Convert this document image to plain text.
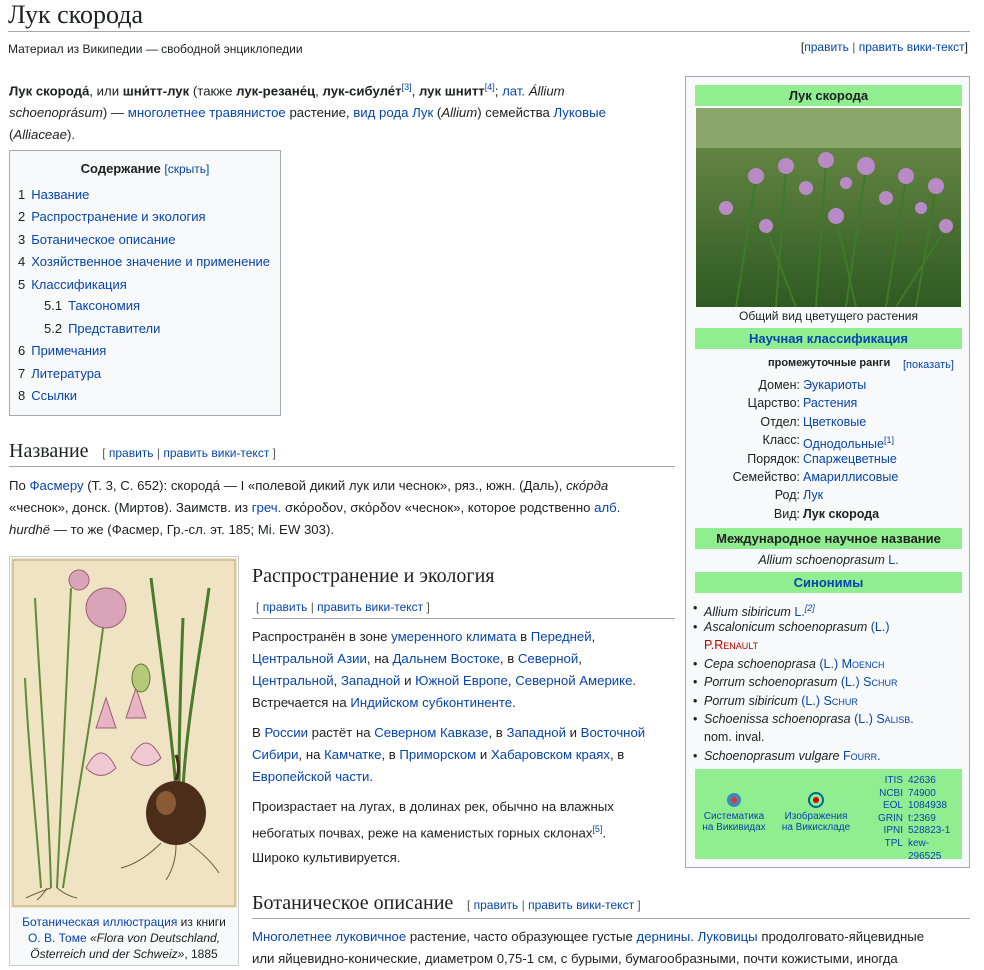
Лук скорода
Материал из Википедии — свободной энциклопедии	[править | править вики-текст]
Лук скорода́, или шни́тт-лук (также лук-резане́ц, лук-сибуле́т[3], лук шнитт[4]; лат. Állium
schoenoprásum) — многолетнее травянистое растение, вид рода Лук (Allium) семейства Луковые
(Alliaceae).
Содержание [скрыть]
1 Название
2 Распространение и экология
3 Ботаническое описание
4 Хозяйственное значение и применение
5 Классификация
5.1 Таксономия
5.2 Представители
6 Примечания
7 Литература
8 Ссылки
Название [ править | править вики-текст ]
По Фасмеру (Т. 3, С. 652): скорода́ — I «полевой дикий лук или чеснок», ряз., южн. (Даль), ско́рда
«чеснок», донск. (Миртов). Заимств. из греч. σκόρoδον, σκόρδον «чеснок», которое родственно алб.
hurdhë — то же (Фасмер, Гр.-сл. эт. 185; Mi. EW 303).
Ботаническая иллюстрация из книги
О. В. Томе «Flora von Deutschland,
Österreich und der Schweiz», 1885
Распространение и экология
[ править | править вики-текст ]
Распространён в зоне умеренного климата в Передней,
Центральной Азии, на Дальнем Востоке, в Северной,
Центральной, Западной и Южной Европе, Северной Америке.
Встречается на Индийском субконтиненте.
В России растёт на Северном Кавказе, в Западной и Восточной
Сибири, на Камчатке, в Приморском и Хабаровском краях, в
Европейской части.
Произрастает на лугах, в долинах рек, обычно на влажных
небогатых почвах, реже на каменистых горных склонах[5].
Широко культивируется.
Ботаническое описание [ править | править вики-текст ]
Многолетнее луковичное растение, часто образующее густые дернины. Луковицы продолговато-яйцевидные
или яйцевидно-конические, диаметром 0,75-1 см, с бурыми, бумагообразными, почти кожистыми, иногда
Лук скорода
Общий вид цветущего растения
Научная классификация
промежуточные ранги [показать]
Домен: Эукариоты
Царство: Растения
Отдел: Цветковые
Класс: Однодольные[1]
Порядок: Спаржецветные
Семейство: Амариллисовые
Род: Лук
Вид: Лук скорода
Международное научное название
Allium schoenoprasum L.
Синонимы
• Allium sibiricum L.[2]
• Ascalonicum schoenoprasum (L.)
P.Renault
• Cepa schoenoprasa (L.) Moench
• Porrum schoenoprasum (L.) Schur
• Porrum sibiricum (L.) Schur
• Schoenissa schoenoprasa (L.) Salisb.
nom. inval.
• Schoenoprasum vulgare Fourr.
Систематика
на Викивидах
Изображения
на Викискладе
ITIS
NCBI
EOL
GRIN
IPNI
TPL
42636
74900
1084938
t:2369
528823-1
kew-296525
